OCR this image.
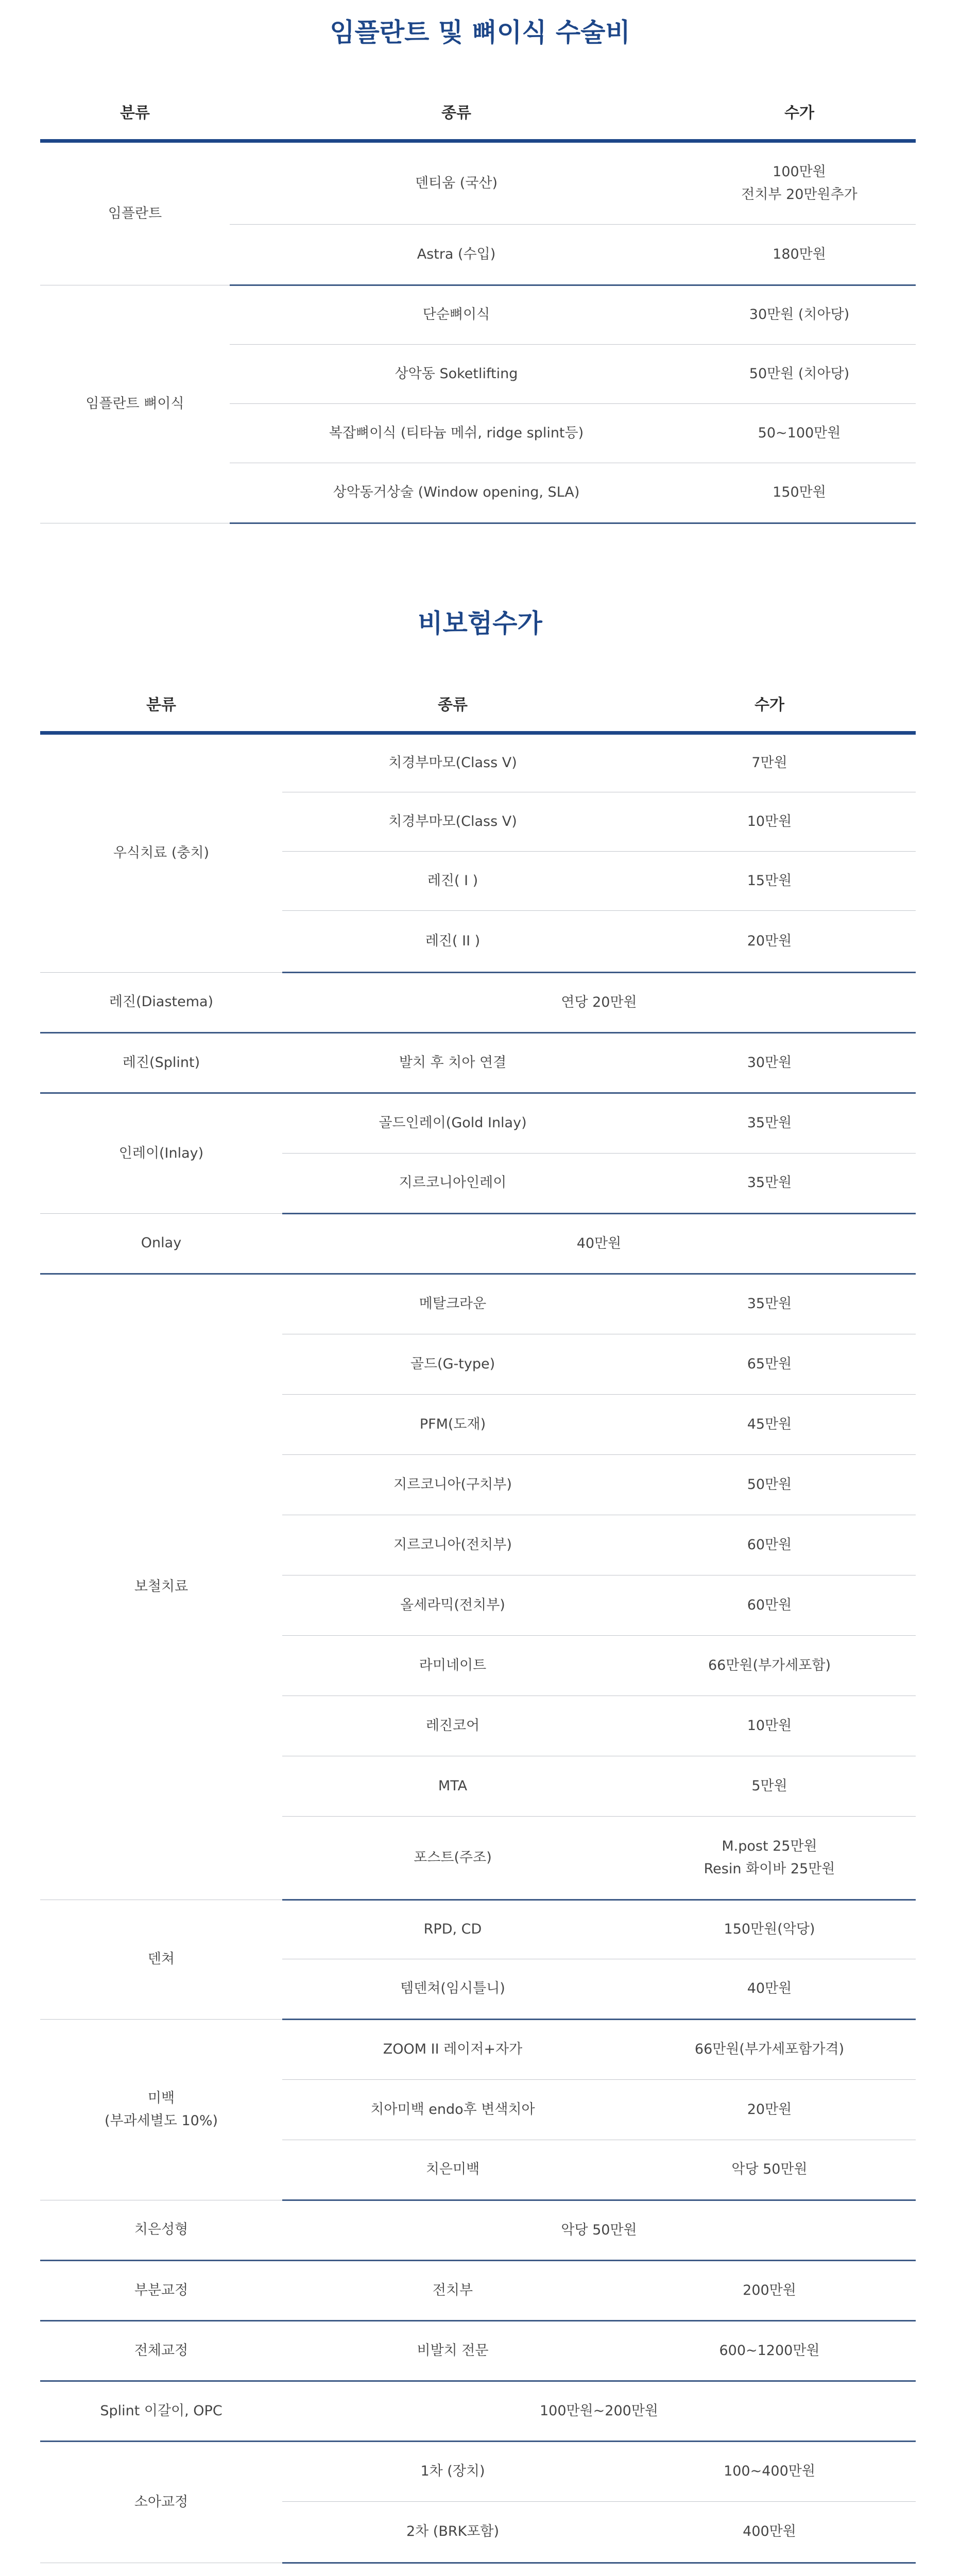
임플란트 및 뼈이식 수술비
분류	종류	수가
임플란트	덴티움 (국산)	100만원
전치부 20만원추가

	Astra (수입)	180만원
임플란트 뼈이식	단순뼈이식	30만원 (치아당)
	상악동 Soketlifting	50만원 (치아당)
	복잡뼈이식 (티타늄 메쉬, ridge splint등)	50~100만원
	상악동거상술 (Window opening, SLA)	150만원
비보험수가
분류	종류	수가

우식치료 (충치)	치경부마모(Class V)	7만원

	치경부마모(Class V)	10만원

	레진( I )	15만원

	레진( II )	20만원

레진(Diastema)	연당 20만원	

레진(Splint)	발치 후 치아 연결	30만원

인레이(Inlay)	골드인레이(Gold Inlay)	35만원

	지르코니아인레이	35만원

Onlay	40만원	

보철치료	메탈크라운	35만원

	골드(G-type)	65만원

	PFM(도재)	45만원

	지르코니아(구치부)	50만원

	지르코니아(전치부)	60만원

	올세라믹(전치부)	60만원

	라미네이트	66만원(부가세포함)

	레진코어	10만원

	MTA	5만원

	포스트(주조)	M.post 25만원
Resin 화이바 25만원

덴쳐	RPD, CD	150만원(악당)

	템덴쳐(임시틀니)	40만원

미백
(부과세별도 10%)	ZOOM II 레이저+자가	66만원(부가세포함가격)

	치아미백 endo후 변색치아	20만원

	치은미백	악당 50만원

치은성형	악당 50만원	

부분교정	전치부	200만원

전체교정	비발치 전문	600~1200만원

Splint 이갈이, OPC	100만원~200만원	

소아교정	1차 (장치)	100~400만원

	2차 (BRK포함)	400만원
